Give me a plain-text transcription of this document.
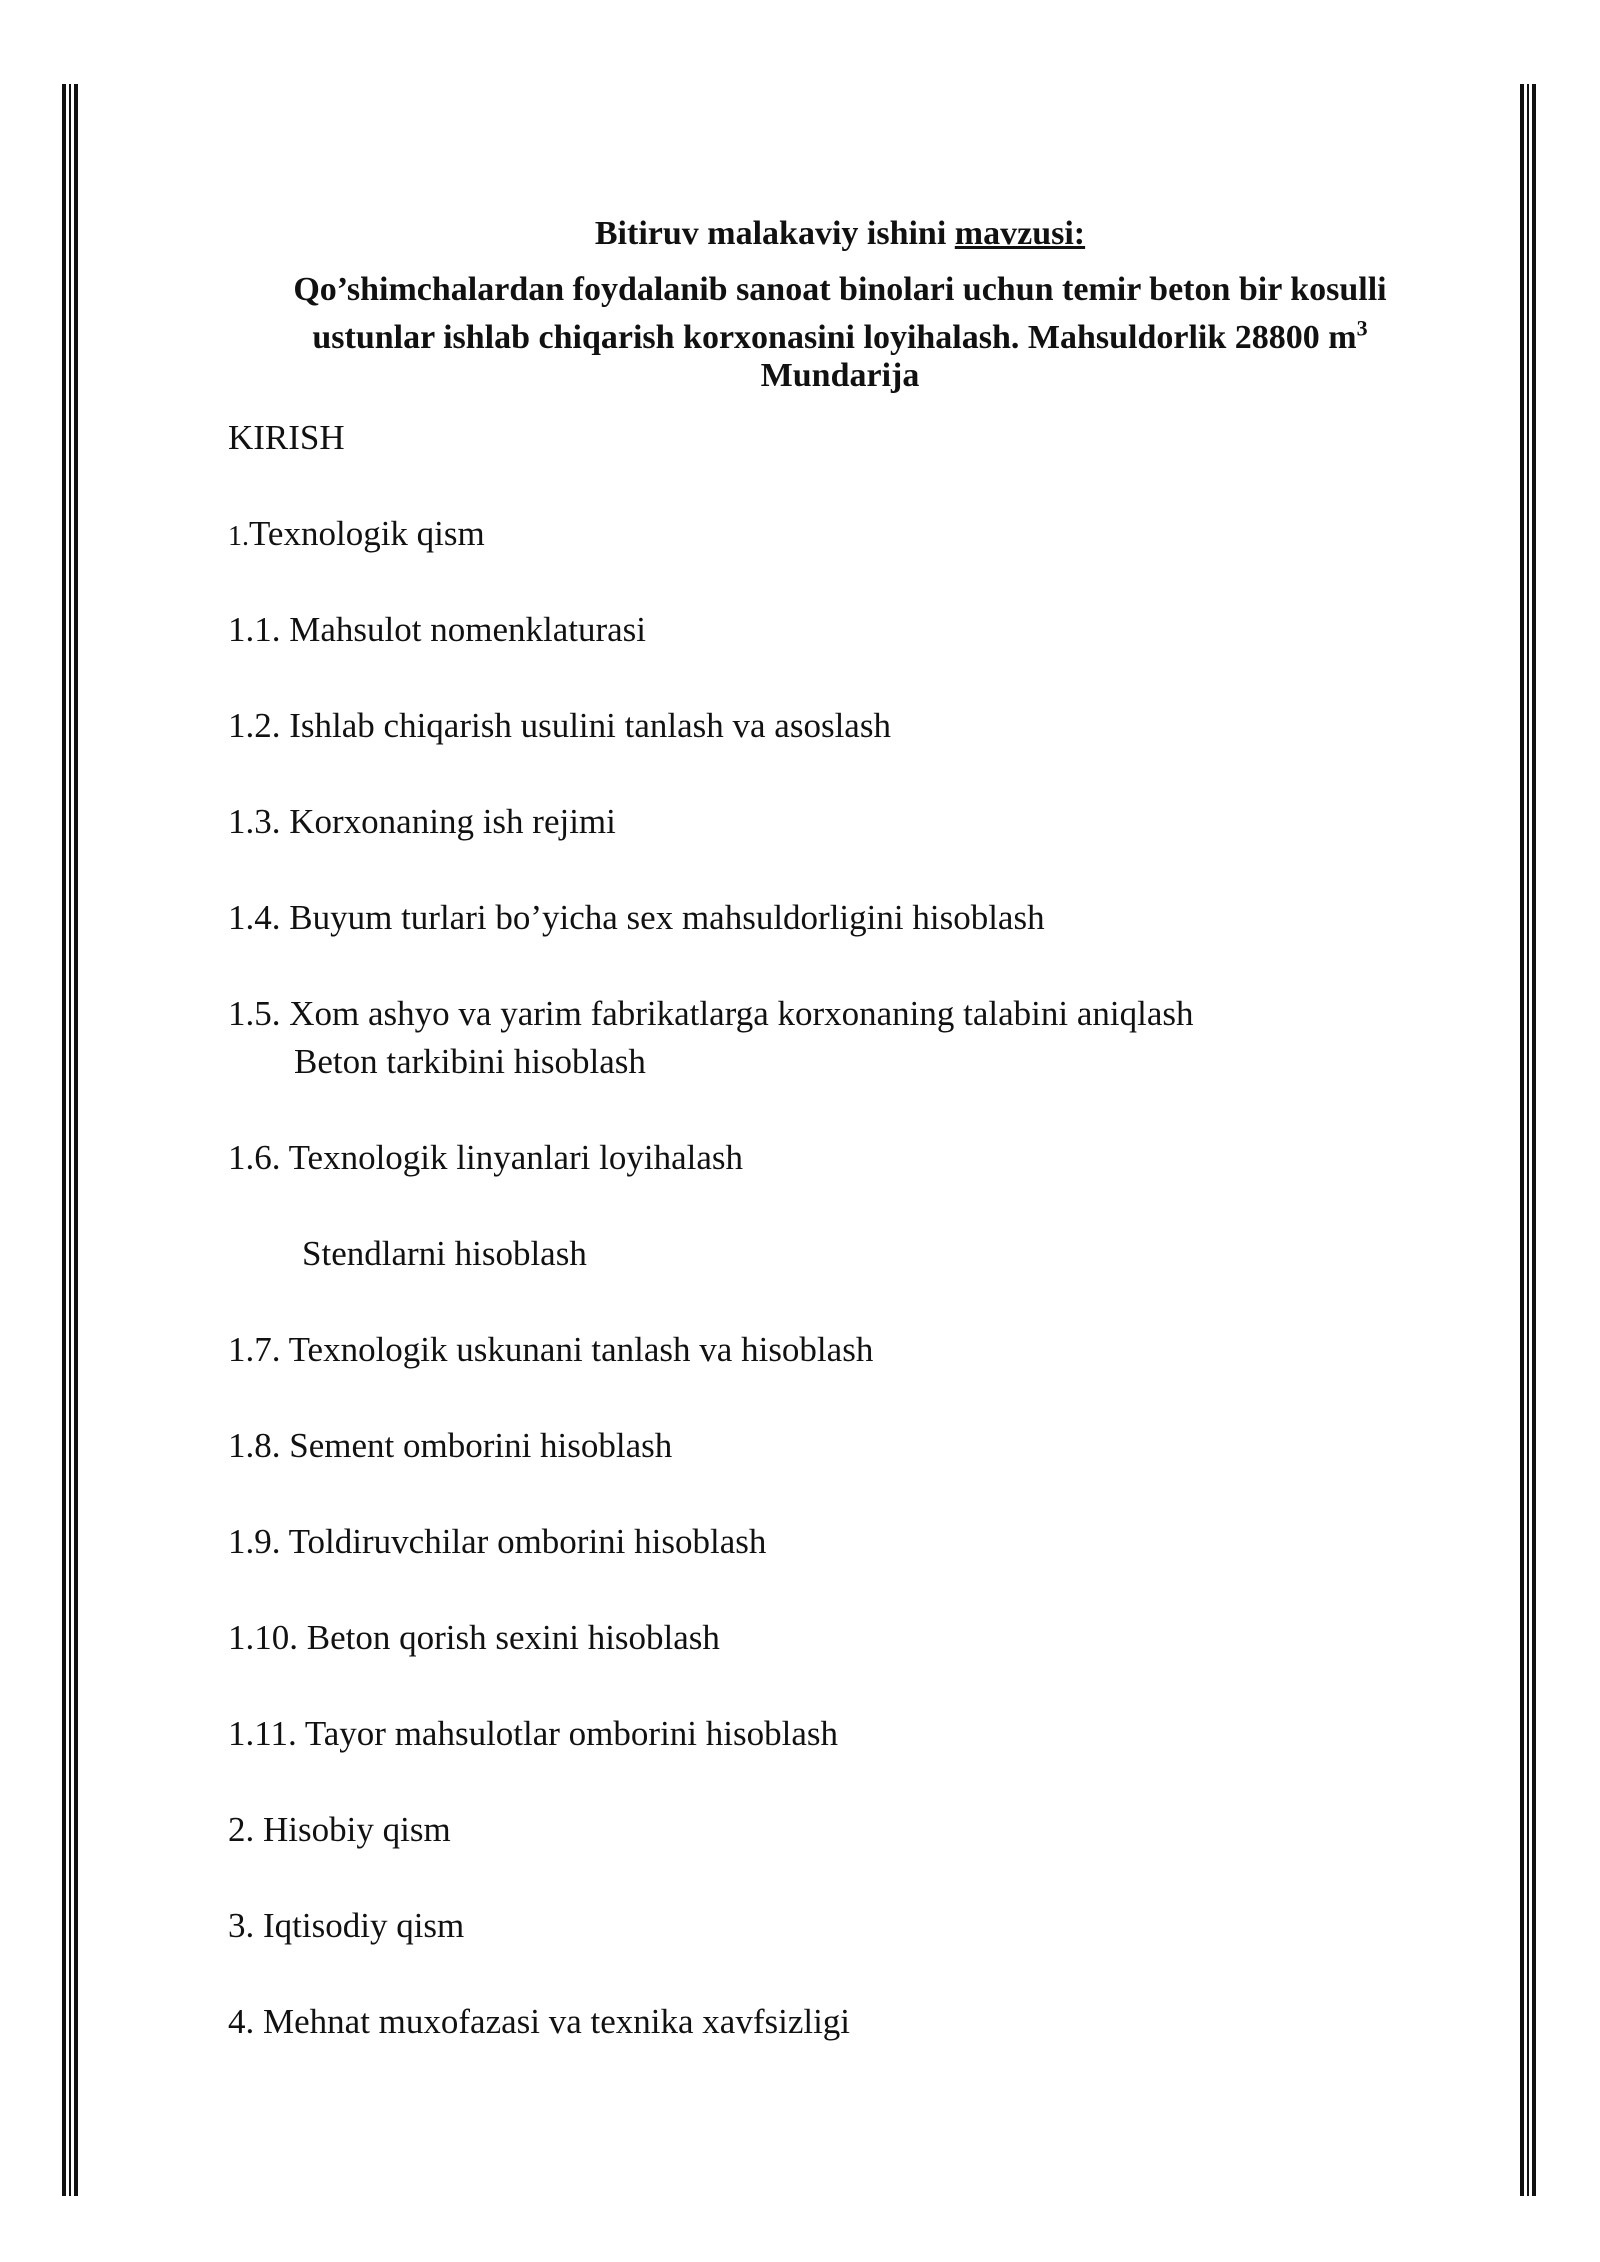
Bitiruv malakaviy ishini mavzusi:
Qo’shimchalardan foydalanib sanoat binolari uchun temir beton bir kosulli
ustunlar ishlab chiqarish korxonasini loyihalash. Mahsuldorlik 28800 $m^3$
Mundarija
KIRISH
1.Texnologik qism
1.1. Mahsulot nomenklaturasi
1.2. Ishlab chiqarish usulini tanlash va asoslash
1.3. Korxonaning ish rejimi
1.4. Buyum turlari bo’yicha sex mahsuldorligini hisoblash
1.5. Xom ashyo va yarim fabrikatlarga korxonaning talabini aniqlash
Beton tarkibini hisoblash
1.6. Texnologik linyanlari loyihalash
Stendlarni hisoblash
1.7. Texnologik uskunani tanlash va hisoblash
1.8. Sement omborini hisoblash
1.9. Toldiruvchilar omborini hisoblash
1.10. Beton qorish sexini hisoblash
1.11. Tayor mahsulotlar omborini hisoblash
2. Hisobiy qism
3. Iqtisodiy qism
4. Mehnat muxofazasi va texnika xavfsizligi
